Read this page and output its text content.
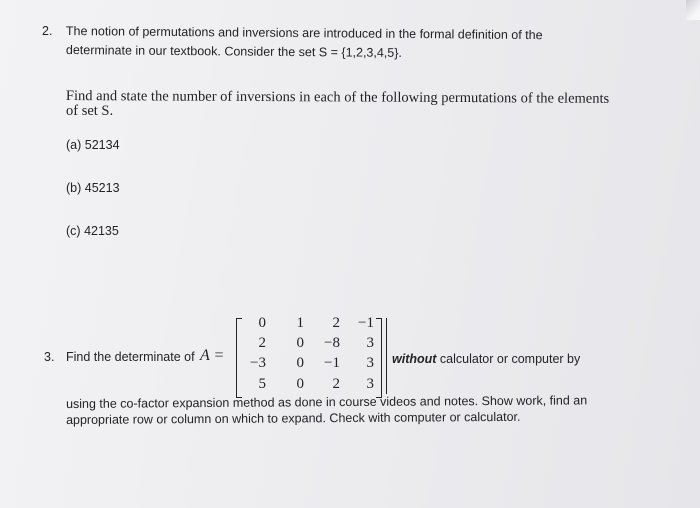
2. The notion of permutations and inversions are introduced in the formal definition of the
determinate in our textbook. Consider the set S = {1,2,3,4,5}.
Find and state the number of inversions in each of the following permutations of the elements
of set S.
(a) 52134
(b) 45213
(c) 42135
3. Find the determinate of A =
0	1	2	−1
2	0	−8	3
−3	0	−1	3
5	0	2	3
without calculator or computer by
using the co-factor expansion method as done in course videos and notes. Show work, find an
appropriate row or column on which to expand. Check with computer or calculator.
